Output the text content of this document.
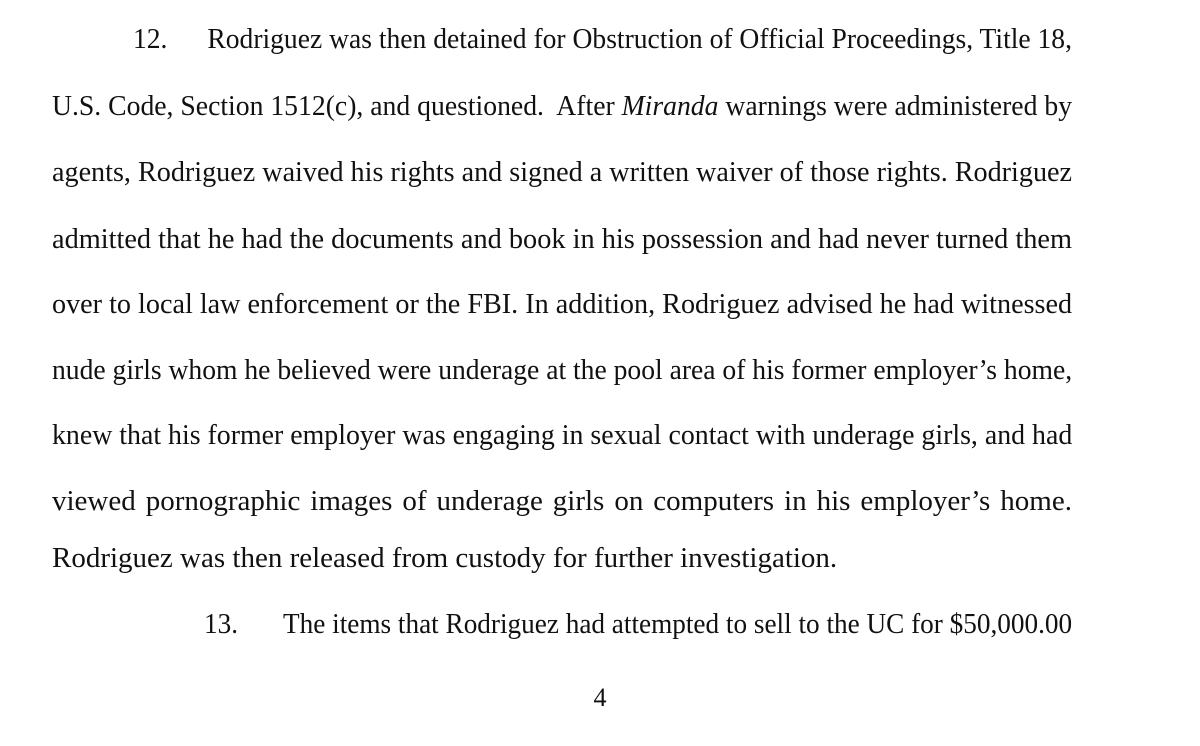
12. Rodriguez was then detained for Obstruction of Official Proceedings, Title 18,
U.S. Code, Section 1512(c), and questioned.  After Miranda warnings were administered by
agents, Rodriguez waived his rights and signed a written waiver of those rights. Rodriguez
admitted that he had the documents and book in his possession and had never turned them
over to local law enforcement or the FBI. In addition, Rodriguez advised he had witnessed
nude girls whom he believed were underage at the pool area of his former employer’s home,
knew that his former employer was engaging in sexual contact with underage girls, and had
viewed pornographic images of underage girls on computers in his employer’s home.
Rodriguez was then released from custody for further investigation.
13. The items that Rodriguez had attempted to sell to the UC for $50,000.00
4
